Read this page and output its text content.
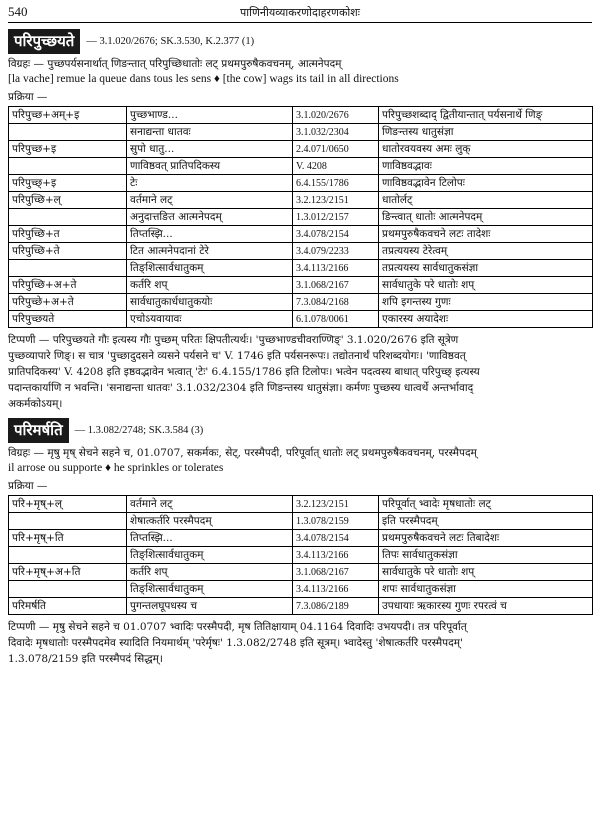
540	पाणिनीयव्याकरणोदाहरणकोशः
परिपुच्छयते	— 3.1.020/2676; SK.3.530, K.2.377 (1)
विग्रहः — पुच्छपर्यसनार्थात् णिङन्तात् परिपुच्छिधातोः लट् प्रथमपुरुषैकवचनम्, आत्मनेपदम्
[la vache] remue la queue dans tous les sens ♦ [the cow] wags its tail in all directions
प्रक्रिया —
परिपुच्छ+अम्+इ	पुच्छभाण्ड...	3.1.020/2676	परिपुच्छशब्दाद् द्वितीयान्तात् पर्यसनार्थे णिङ्
	सनाद्यन्ता धातवः	3.1.032/2304	णिङन्तस्य धातुसंज्ञा
परिपुच्छ+इ	सुपो धातु...	2.4.071/0650	धातोरवयवस्य अमः लुक्
	णाविष्ठवत् प्रातिपदिकस्य	V. 4208	णाविष्ठवद्भावः
परिपुच्छ्+इ	टेः	6.4.155/1786	णाविष्ठवद्भावेन टिलोपः
परिपुच्छि+ल्	वर्तमाने लट्	3.2.123/2151	धातोर्लट्
	अनुदात्तङित आत्मनेपदम्	1.3.012/2157	ङिन्त्वात् धातोः आत्मनेपदम्
परिपुच्छि+त	तिप्तस्झि...	3.4.078/2154	प्रथमपुरुषैकवचने लटः तादेशः
परिपुच्छि+ते	टित आत्मनेपदानां टेरे	3.4.079/2233	तप्रत्ययस्य टेरेत्वम्
	तिङ्शित्सार्वधातुकम्	3.4.113/2166	तप्रत्ययस्य सार्वधातुकसंज्ञा
परिपुच्छि+अ+ते	कर्तरि शप्	3.1.068/2167	सार्वधातुके परे धातोः शप्
परिपुच्छे+अ+ते	सार्वधातुकार्धधातुकयोः	7.3.084/2168	शपि इगन्तस्य गुणः
परिपुच्छयते	एचोऽयवायावः	6.1.078/0061	एकारस्य अयादेशः
टिप्पणी — परिपुच्छयते गौः इत्यस्य गौः पुच्छम् परितः क्षिपतीत्यर्थः। 'पुच्छभाण्डचीवराण्णिङ्' 3.1.020/2676 इति सूत्रेण
पुच्छव्यापारे णिङ्। स चात्र 'पुच्छादुदसने व्यसने पर्यसने च' V. 1746 इति पर्यसनरूपः। तद्योतनार्थं परिशब्दयोगः। 'णाविष्ठवत्
प्रातिपदिकस्य' V. 4208 इति इष्ठवद्भावेन भत्वात् 'टेः' 6.4.155/1786 इति टिलोपः। भत्वेन पदत्वस्य बाधात् परिपुच्छ् इत्यस्य
पदान्तकार्याणि न भवन्ति। 'सनाद्यन्ता धातवः' 3.1.032/2304 इति णिङन्तस्य धातुसंज्ञा। कर्मणः पुच्छस्य धात्वर्थे अन्तर्भावाद्
अकर्मकोऽयम्।
परिमर्षति	— 1.3.082/2748; SK.3.584 (3)
विग्रहः — मृषु मृष् सेचने सहने च, 01.0707, सकर्मकः, सेट्, परस्मैपदी, परिपूर्वात् धातोः लट् प्रथमपुरुषैकवचनम्, परस्मैपदम्
il arrose ou supporte ♦ he sprinkles or tolerates
प्रक्रिया —
परि+मृष्+ल्	वर्तमाने लट्	3.2.123/2151	परिपूर्वात् भ्वादेः मृषधातोः लट्
	शेषात्कर्तरि परस्मैपदम्	1.3.078/2159	इति परस्मैपदम्
परि+मृष्+ति	तिप्तस्झि...	3.4.078/2154	प्रथमपुरुषैकवचने लटः तिबादेशः
	तिङ्शित्सार्वधातुकम्	3.4.113/2166	तिपः सार्वधातुकसंज्ञा
परि+मृष्+अ+ति	कर्तरि शप्	3.1.068/2167	सार्वधातुके परे धातोः शप्
	तिङ्शित्सार्वधातुकम्	3.4.113/2166	शपः सार्वधातुकसंज्ञा
परिमर्षति	पुगन्तलघूपधस्य च	7.3.086/2189	उपधायाः ऋकारस्य गुणः रपरत्वं च
टिप्पणी — मृषु सेचने सहने च 01.0707 भ्वादिः परस्मैपदी, मृष तितिक्षायाम् 04.1164 दिवादिः उभयपदी। तत्र परिपूर्वात्
दिवादेः मृषधातोः परस्मैपदमेव स्यादिति नियमार्थम् 'परेर्मृषः' 1.3.082/2748 इति सूत्रम्। भ्वादेस्तु 'शेषात्कर्तरि परस्मैपदम्'
1.3.078/2159 इति परस्मैपदं सिद्धम्।
